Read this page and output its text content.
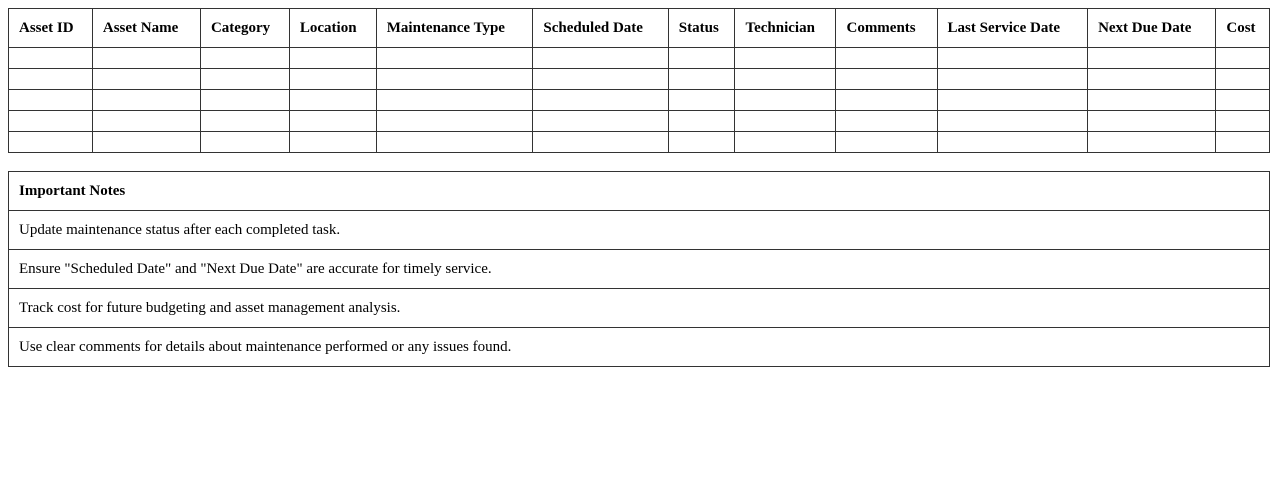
Asset ID	Asset Name	Category	Location	Maintenance Type	Scheduled Date	Status	Technician	Comments	Last Service Date	Next Due Date	Cost

Important Notes
Update maintenance status after each completed task.
Ensure "Scheduled Date" and "Next Due Date" are accurate for timely service.
Track cost for future budgeting and asset management analysis.
Use clear comments for details about maintenance performed or any issues found.
